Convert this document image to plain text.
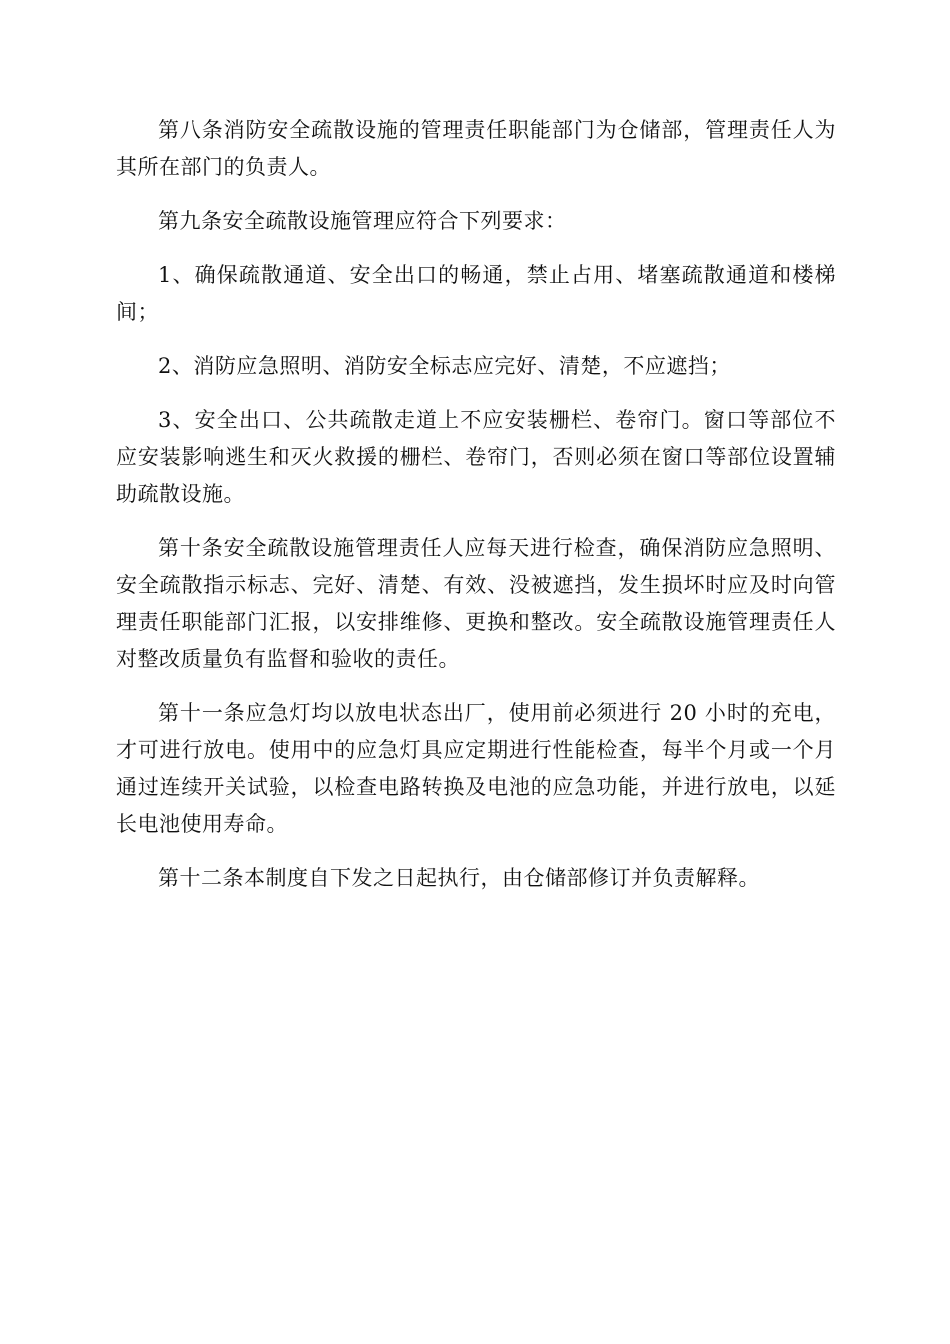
第八条消防安全疏散设施的管理责任职能部门为仓储部，管理责任人为其所在部门的负责人。

第九条安全疏散设施管理应符合下列要求：

1、确保疏散通道、安全出口的畅通，禁止占用、堵塞疏散通道和楼梯间；

2、消防应急照明、消防安全标志应完好、清楚，不应遮挡；

3、安全出口、公共疏散走道上不应安装栅栏、卷帘门。窗口等部位不应安装影响逃生和灭火救援的栅栏、卷帘门，否则必须在窗口等部位设置辅助疏散设施。

第十条安全疏散设施管理责任人应每天进行检查，确保消防应急照明、安全疏散指示标志、完好、清楚、有效、没被遮挡，发生损坏时应及时向管理责任职能部门汇报，以安排维修、更换和整改。安全疏散设施管理责任人对整改质量负有监督和验收的责任。

第十一条应急灯均以放电状态出厂，使用前必须进行 20 小时的充电，才可进行放电。使用中的应急灯具应定期进行性能检查，每半个月或一个月通过连续开关试验，以检查电路转换及电池的应急功能，并进行放电，以延长电池使用寿命。

第十二条本制度自下发之日起执行，由仓储部修订并负责解释。
